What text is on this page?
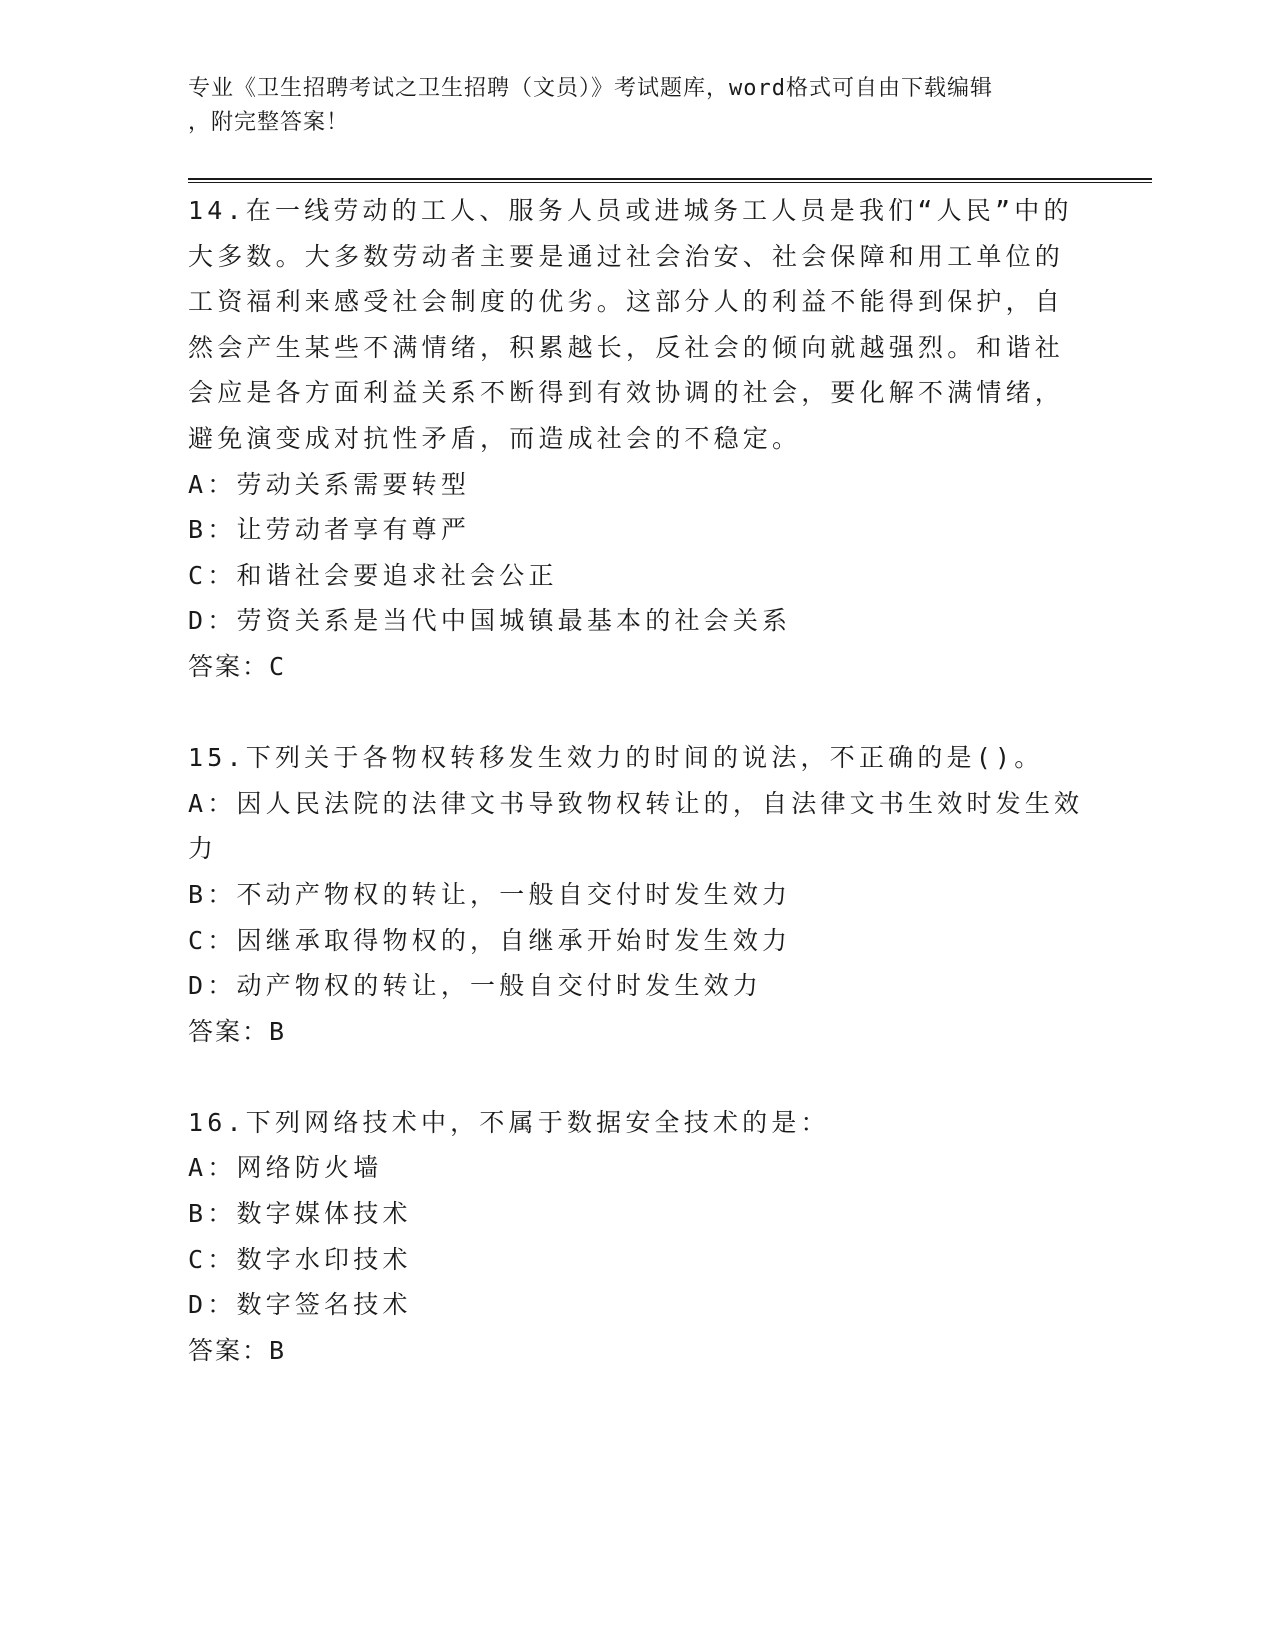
专业《卫生招聘考试之卫生招聘（文员）》考试题库，word格式可自由下载编辑
，附完整答案！

14.在一线劳动的工人、服务人员或进城务工人员是我们“人民”中的大多数。大多数劳动者主要是通过社会治安、社会保障和用工单位的工资福利来感受社会制度的优劣。这部分人的利益不能得到保护，自然会产生某些不满情绪，积累越长，反社会的倾向就越强烈。和谐社会应是各方面利益关系不断得到有效协调的社会，要化解不满情绪，避免演变成对抗性矛盾，而造成社会的不稳定。

A：劳动关系需要转型

B：让劳动者享有尊严

C：和谐社会要追求社会公正

D：劳资关系是当代中国城镇最基本的社会关系

答案：C

15.下列关于各物权转移发生效力的时间的说法，不正确的是()。

A：因人民法院的法律文书导致物权转让的，自法律文书生效时发生效力

B：不动产物权的转让，一般自交付时发生效力

C：因继承取得物权的，自继承开始时发生效力

D：动产物权的转让，一般自交付时发生效力

答案：B

16.下列网络技术中，不属于数据安全技术的是：

A：网络防火墙

B：数字媒体技术

C：数字水印技术

D：数字签名技术

答案：B
